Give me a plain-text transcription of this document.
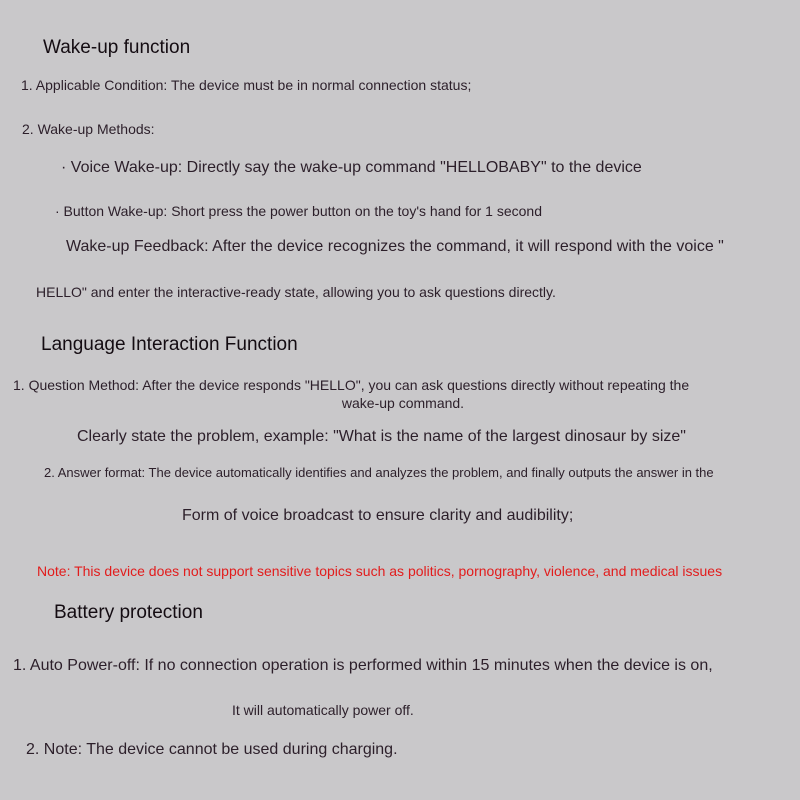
Wake-up function
1. Applicable Condition: The device must be in normal connection status;
2. Wake-up Methods:
· Voice Wake-up: Directly say the wake-up command "HELLOBABY" to the device
· Button Wake-up: Short press the power button on the toy's hand for 1 second
Wake-up Feedback: After the device recognizes the command, it will respond with the voice "
HELLO" and enter the interactive-ready state, allowing you to ask questions directly.
Language Interaction Function
1. Question Method: After the device responds "HELLO", you can ask questions directly without repeating the
wake-up command.
Clearly state the problem, example: "What is the name of the largest dinosaur by size"
2. Answer format: The device automatically identifies and analyzes the problem, and finally outputs the answer in the
Form of voice broadcast to ensure clarity and audibility;
Note: This device does not support sensitive topics such as politics, pornography, violence, and medical issues
Battery protection
1. Auto Power-off: If no connection operation is performed within 15 minutes when the device is on,
It will automatically power off.
2. Note: The device cannot be used during charging.
